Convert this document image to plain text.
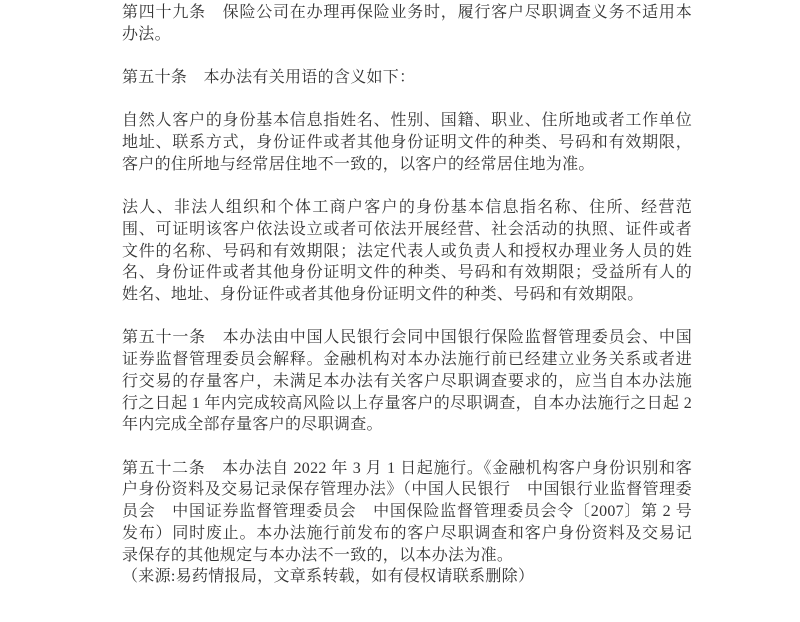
第四十九条　保险公司在办理再保险业务时，履行客户尽职调查义务不适用本办法。

第五十条　本办法有关用语的含义如下：

自然人客户的身份基本信息指姓名、性别、国籍、职业、住所地或者工作单位地址、联系方式，身份证件或者其他身份证明文件的种类、号码和有效期限，客户的住所地与经常居住地不一致的，以客户的经常居住地为准。

法人、非法人组织和个体工商户客户的身份基本信息指名称、住所、经营范围、可证明该客户依法设立或者可依法开展经营、社会活动的执照、证件或者文件的名称、号码和有效期限；法定代表人或负责人和授权办理业务人员的姓名、身份证件或者其他身份证明文件的种类、号码和有效期限；受益所有人的姓名、地址、身份证件或者其他身份证明文件的种类、号码和有效期限。

第五十一条　本办法由中国人民银行会同中国银行保险监督管理委员会、中国证券监督管理委员会解释。金融机构对本办法施行前已经建立业务关系或者进行交易的存量客户，未满足本办法有关客户尽职调查要求的，应当自本办法施行之日起 1 年内完成较高风险以上存量客户的尽职调查，自本办法施行之日起 2 年内完成全部存量客户的尽职调查。

第五十二条　本办法自 2022 年 3 月 1 日起施行。《金融机构客户身份识别和客户身份资料及交易记录保存管理办法》（中国人民银行　中国银行业监督管理委员会　中国证券监督管理委员会　中国保险监督管理委员会令〔2007〕第 2 号发布）同时废止。本办法施行前发布的客户尽职调查和客户身份资料及交易记录保存的其他规定与本办法不一致的，以本办法为准。

（来源:易药情报局，文章系转载，如有侵权请联系删除）
